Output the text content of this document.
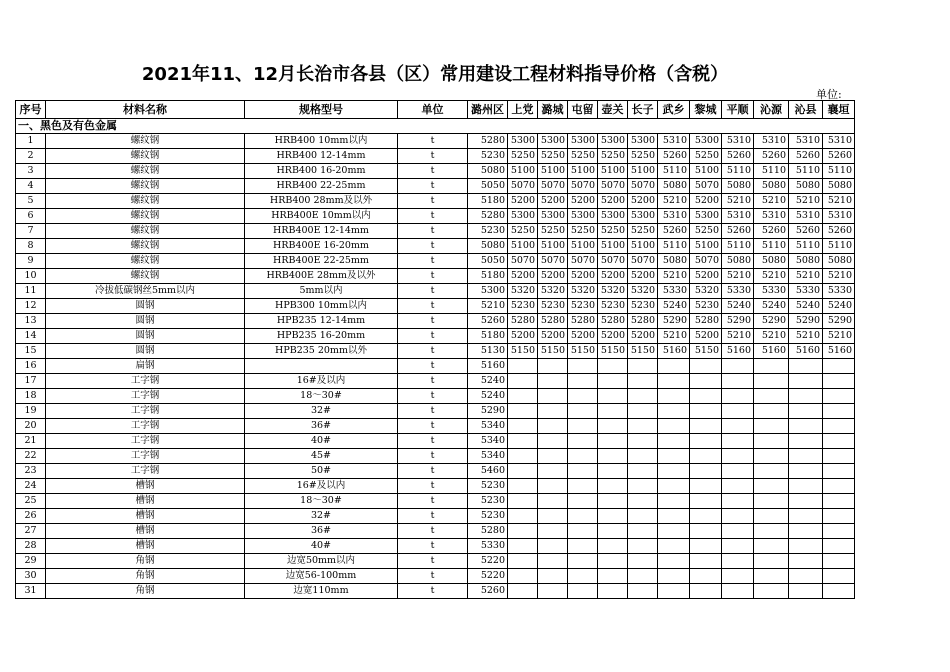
2021年11、12月长治市各县（区）常用建设工程材料指导价格（含税）
单位:
序号	材料名称	规格型号	单位	潞州区	上党	潞城	屯留	壶关	长子	武乡	黎城	平顺	沁源	沁县	襄垣
一、黑色及有色金属															
1	螺纹钢	HRB400 10mm以内	t	5280	5300	5300	5300	5300	5300	5310	5300	5310	5310	5310	5310
2	螺纹钢	HRB400 12-14mm	t	5230	5250	5250	5250	5250	5250	5260	5250	5260	5260	5260	5260
3	螺纹钢	HRB400 16-20mm	t	5080	5100	5100	5100	5100	5100	5110	5100	5110	5110	5110	5110
4	螺纹钢	HRB400 22-25mm	t	5050	5070	5070	5070	5070	5070	5080	5070	5080	5080	5080	5080
5	螺纹钢	HRB400 28mm及以外	t	5180	5200	5200	5200	5200	5200	5210	5200	5210	5210	5210	5210
6	螺纹钢	HRB400E 10mm以内	t	5280	5300	5300	5300	5300	5300	5310	5300	5310	5310	5310	5310
7	螺纹钢	HRB400E 12-14mm	t	5230	5250	5250	5250	5250	5250	5260	5250	5260	5260	5260	5260
8	螺纹钢	HRB400E 16-20mm	t	5080	5100	5100	5100	5100	5100	5110	5100	5110	5110	5110	5110
9	螺纹钢	HRB400E 22-25mm	t	5050	5070	5070	5070	5070	5070	5080	5070	5080	5080	5080	5080
10	螺纹钢	HRB400E 28mm及以外	t	5180	5200	5200	5200	5200	5200	5210	5200	5210	5210	5210	5210
11	冷拔低碳钢丝5mm以内	5mm以内	t	5300	5320	5320	5320	5320	5320	5330	5320	5330	5330	5330	5330
12	圆钢	HPB300 10mm以内	t	5210	5230	5230	5230	5230	5230	5240	5230	5240	5240	5240	5240
13	圆钢	HPB235 12-14mm	t	5260	5280	5280	5280	5280	5280	5290	5280	5290	5290	5290	5290
14	圆钢	HPB235 16-20mm	t	5180	5200	5200	5200	5200	5200	5210	5200	5210	5210	5210	5210
15	圆钢	HPB235 20mm以外	t	5130	5150	5150	5150	5150	5150	5160	5150	5160	5160	5160	5160
16	扁钢		t	5160											
17	工字钢	16#及以内	t	5240											
18	工字钢	18～30#	t	5240											
19	工字钢	32#	t	5290											
20	工字钢	36#	t	5340											
21	工字钢	40#	t	5340											
22	工字钢	45#	t	5340											
23	工字钢	50#	t	5460											
24	槽钢	16#及以内	t	5230											
25	槽钢	18～30#	t	5230											
26	槽钢	32#	t	5230											
27	槽钢	36#	t	5280											
28	槽钢	40#	t	5330											
29	角钢	边宽50mm以内	t	5220											
30	角钢	边宽56-100mm	t	5220											
31	角钢	边宽110mm	t	5260											
